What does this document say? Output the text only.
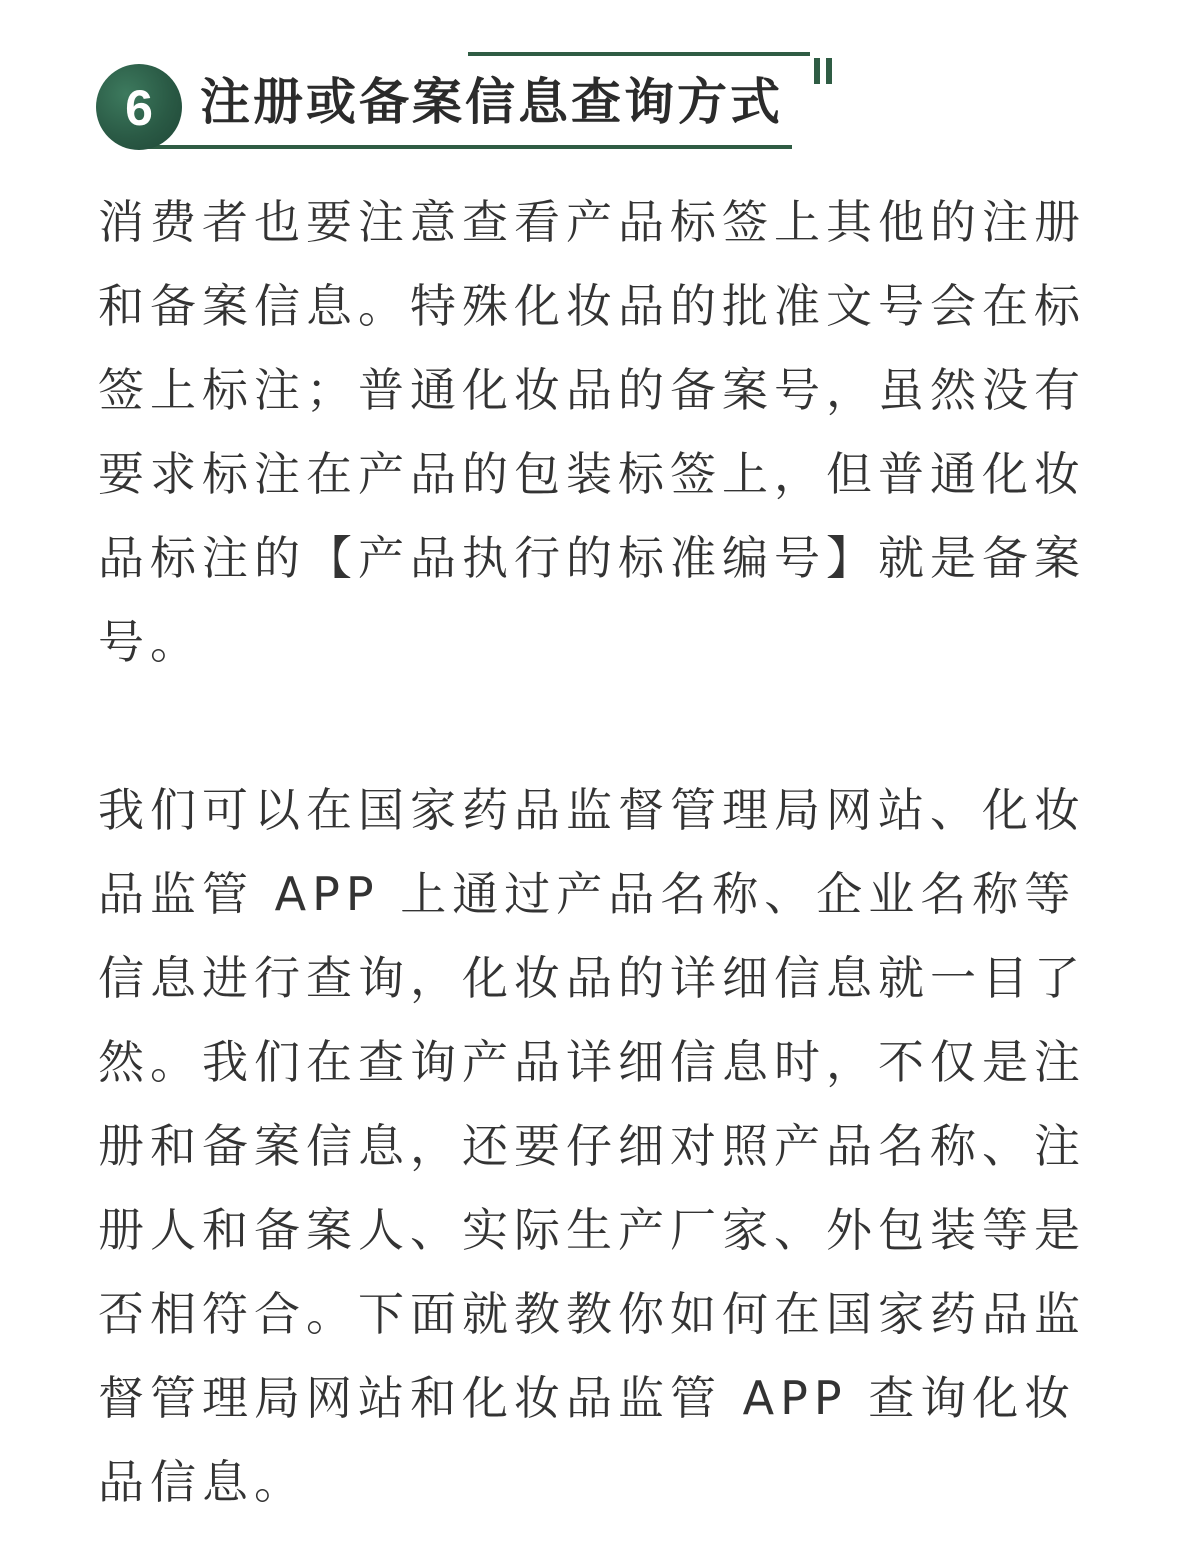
6 注册或备案信息查询方式
消费者也要注意查看产品标签上其他的注册
和备案信息。特殊化妆品的批准文号会在标
签上标注；普通化妆品的备案号，虽然没有
要求标注在产品的包装标签上，但普通化妆
品标注的【产品执行的标准编号】就是备案
号。
我们可以在国家药品监督管理局网站、化妆
品监管 APP 上通过产品名称、企业名称等
信息进行查询，化妆品的详细信息就一目了
然。我们在查询产品详细信息时，不仅是注
册和备案信息，还要仔细对照产品名称、注
册人和备案人、实际生产厂家、外包装等是
否相符合。下面就教教你如何在国家药品监
督管理局网站和化妆品监管 APP 查询化妆
品信息。
